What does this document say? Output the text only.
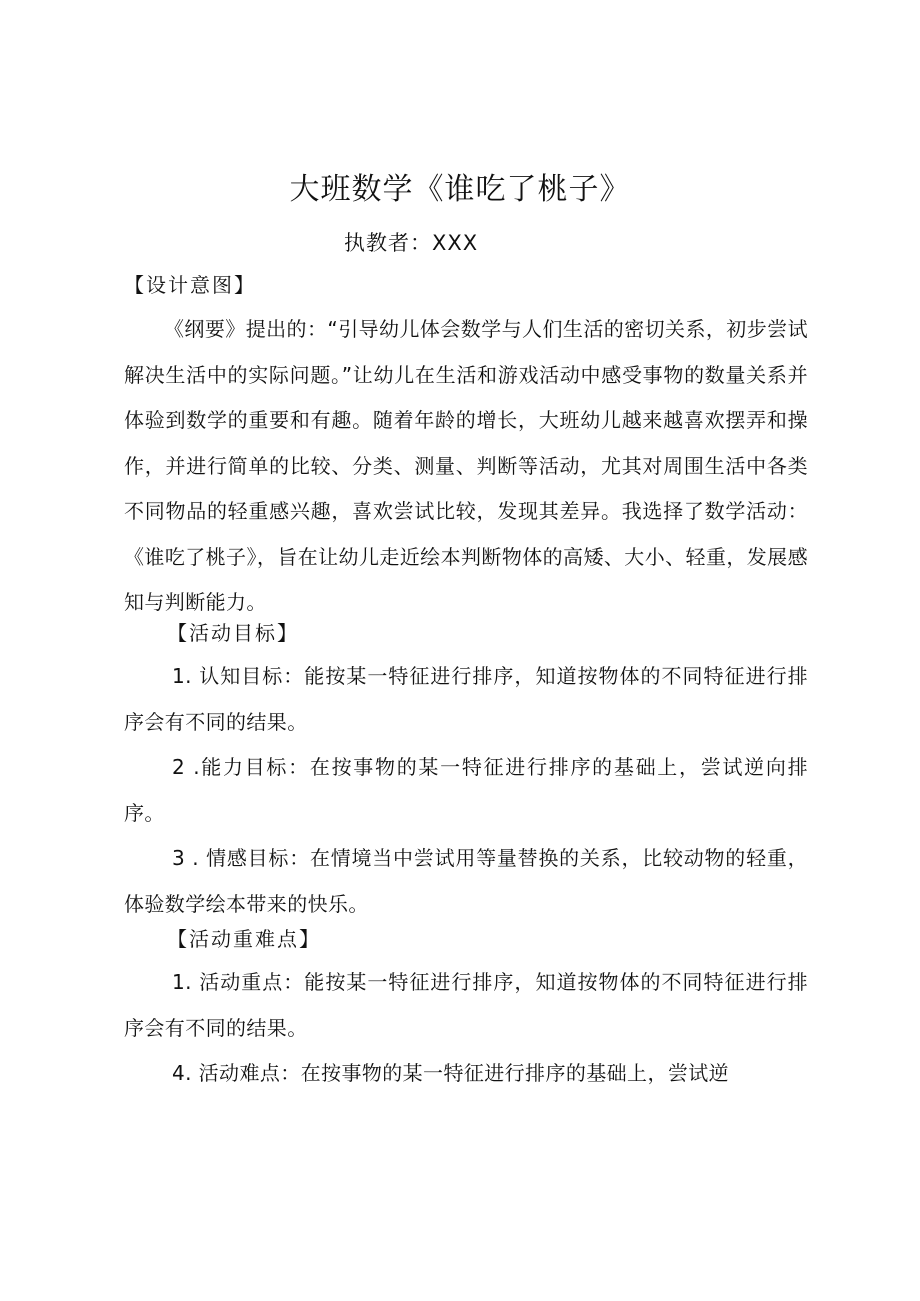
大班数学《谁吃了桃子》
执教者：XXX
【设计意图】
《纲要》提出的：“引导幼儿体会数学与人们生活的密切关系，初步尝试解决生活中的实际问题。”让幼儿在生活和游戏活动中感受事物的数量关系并体验到数学的重要和有趣。随着年龄的增长，大班幼儿越来越喜欢摆弄和操作，并进行简单的比较、分类、测量、判断等活动，尤其对周围生活中各类不同物品的轻重感兴趣，喜欢尝试比较，发现其差异。我选择了数学活动：《谁吃了桃子》，旨在让幼儿走近绘本判断物体的高矮、大小、轻重，发展感知与判断能力。
【活动目标】
1. 认知目标：能按某一特征进行排序，知道按物体的不同特征进行排序会有不同的结果。
2 .能力目标：在按事物的某一特征进行排序的基础上，尝试逆向排序。
3 . 情感目标：在情境当中尝试用等量替换的关系，比较动物的轻重，体验数学绘本带来的快乐。
【活动重难点】
1. 活动重点：能按某一特征进行排序，知道按物体的不同特征进行排序会有不同的结果。
4. 活动难点：在按事物的某一特征进行排序的基础上，尝试逆
